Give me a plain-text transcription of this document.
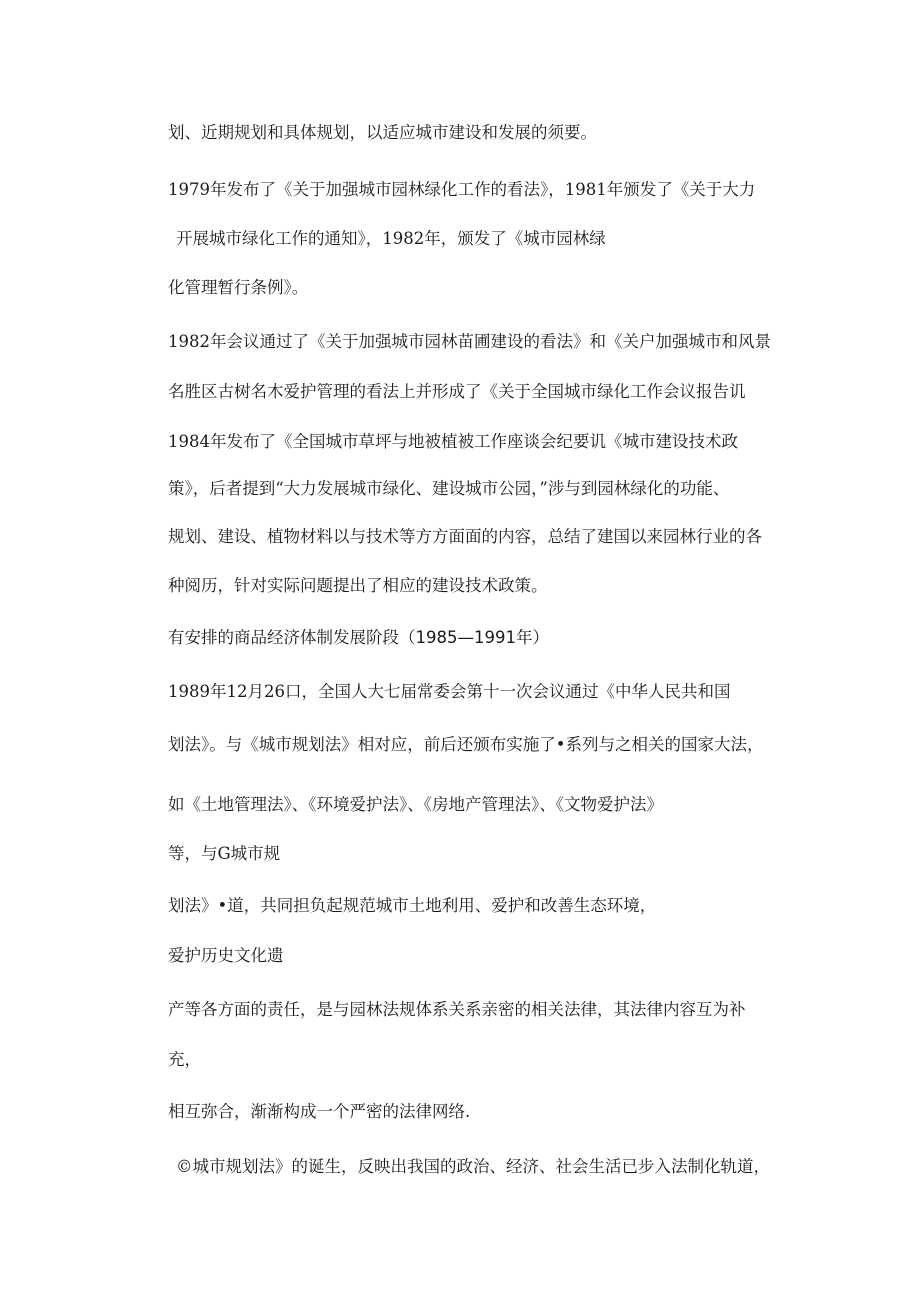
划、近期规划和具体规划，以适应城市建设和发展的须要。
1979年发布了《关于加强城市园林绿化工作的看法》，1981年颁发了《关于大力
开展城市绿化工作的通知》，1982年，颁发了《城市园林绿
化管理暂行条例》。
1982年会议通过了《关于加强城市园林苗圃建设的看法》和《关户加强城市和风景
名胜区古树名木爱护管理的看法上并形成了《关于全国城市绿化工作会议报告讥
1984年发布了《全国城市草坪与地被植被工作座谈会纪要讥《城市建设技术政
策》，后者提到“大力发展城市绿化、建设城市公园，”涉与到园林绿化的功能、
规划、建设、植物材料以与技术等方方面面的内容，总结了建国以来园林行业的各
种阅历，针对实际问题提出了相应的建设技术政策。
有安排的商品经济体制发展阶段（1985—1991年）
1989年12月26口，全国人大七届常委会第十一次会议通过《中华人民共和国
划法》。与《城市规划法》相对应，前后还颁布实施了•系列与之相关的国家大法，
如《土地管理法》、《环境爱护法》、《房地产管理法》、《文物爱护法》
等，与G城市规
划法》•道，共同担负起规范城市土地利用、爱护和改善生态环境，
爱护历史文化遗
产等各方面的责任，是与园林法规体系关系亲密的相关法律，其法律内容互为补
充，
相互弥合，渐渐构成一个严密的法律网络.
©城市规划法》的诞生，反映出我国的政治、经济、社会生活已步入法制化轨道，
